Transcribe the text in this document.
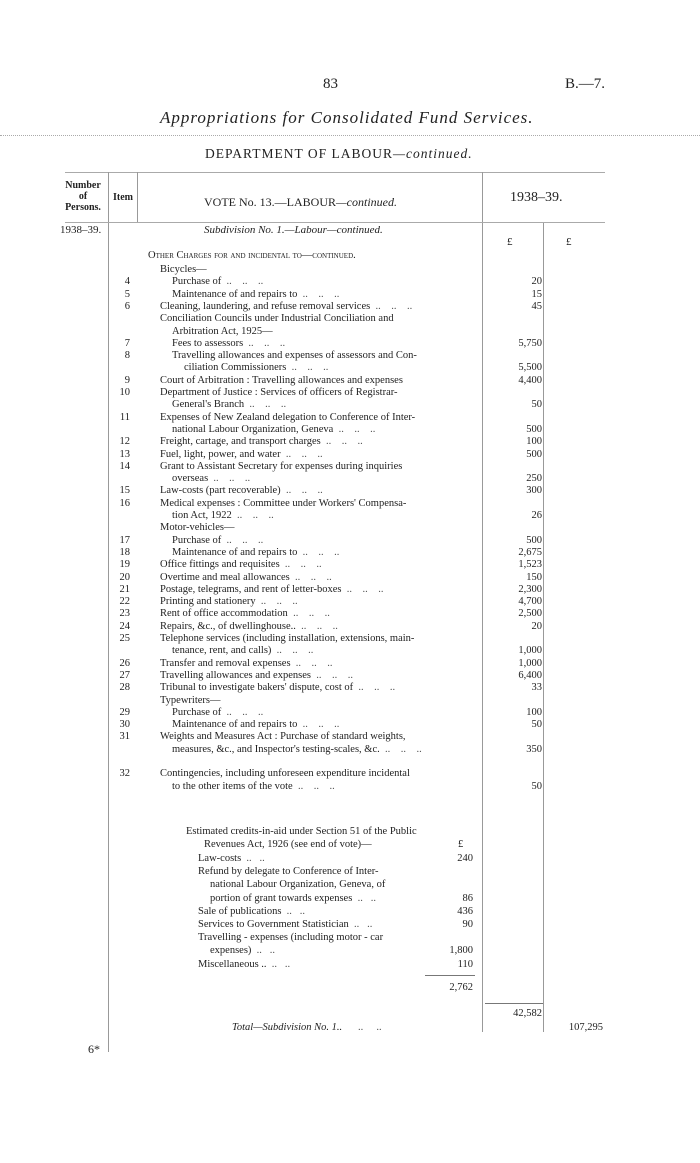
83	B.—7.
Appropriations for Consolidated Fund Services.
DEPARTMENT OF LABOUR—continued.
Number of Persons.
Item	VOTE No. 13.—LABOUR—continued.	1938–39.
Subdivision No. 1.—Labour—continued.
1938–39.
£	£
Other Charges for and incidental to—continued.
Bicycles—
4	Purchase of  ..    ..    ..	20
5	Maintenance of and repairs to  ..    ..    ..	15
6	Cleaning, laundering, and refuse removal services  ..    ..    ..	45
Conciliation Councils under Industrial Conciliation and
Arbitration Act, 1925—
7	Fees to assessors  ..    ..    ..	5,750
8	Travelling allowances and expenses of assessors and Con-
ciliation Commissioners  ..    ..    ..	5,500
9	Court of Arbitration : Travelling allowances and expenses	4,400
10	Department of Justice : Services of officers of Registrar-
General's Branch  ..    ..    ..	50
11	Expenses of New Zealand delegation to Conference of Inter-
national Labour Organization, Geneva  ..    ..    ..	500
12	Freight, cartage, and transport charges  ..    ..    ..	100
13	Fuel, light, power, and water  ..    ..    ..	500
14	Grant to Assistant Secretary for expenses during inquiries
overseas  ..    ..    ..	250
15	Law-costs (part recoverable)  ..    ..    ..	300
16	Medical expenses : Committee under Workers' Compensa-
tion Act, 1922  ..    ..    ..	26
Motor-vehicles—
17	Purchase of  ..    ..    ..	500
18	Maintenance of and repairs to  ..    ..    ..	2,675
19	Office fittings and requisites  ..    ..    ..	1,523
20	Overtime and meal allowances  ..    ..    ..	150
21	Postage, telegrams, and rent of letter-boxes  ..    ..    ..	2,300
22	Printing and stationery  ..    ..    ..	4,700
23	Rent of office accommodation  ..    ..    ..	2,500
24	Repairs, &c., of dwellinghouse..  ..    ..    ..	20
25	Telephone services (including installation, extensions, main-
tenance, rent, and calls)  ..    ..    ..	1,000
26	Transfer and removal expenses  ..    ..    ..	1,000
27	Travelling allowances and expenses  ..    ..    ..	6,400
28	Tribunal to investigate bakers' dispute, cost of  ..    ..    ..	33
Typewriters—
29	Purchase of  ..    ..    ..	100
30	Maintenance of and repairs to  ..    ..    ..	50
31	Weights and Measures Act : Purchase of standard weights,
measures, &c., and Inspector's testing-scales, &c.  ..    ..    ..	350
32	Contingencies, including unforeseen expenditure incidental
to the other items of the vote  ..    ..    ..	50
Estimated credits-in-aid under Section 51 of the Public
Revenues Act, 1926 (see end of vote)—	£
Law-costs  ..   ..	240
Refund by delegate to Conference of Inter-
national Labour Organization, Geneva, of
portion of grant towards expenses  ..   ..	86
Sale of publications  ..   ..	436
Services to Government Statistician  ..   ..	90
Travelling - expenses (including motor - car
expenses)  ..   ..	1,800
Miscellaneous ..  ..   ..	110
2,762
42,582
Total—Subdivision No. 1..      ..     ..	107,295
6*
